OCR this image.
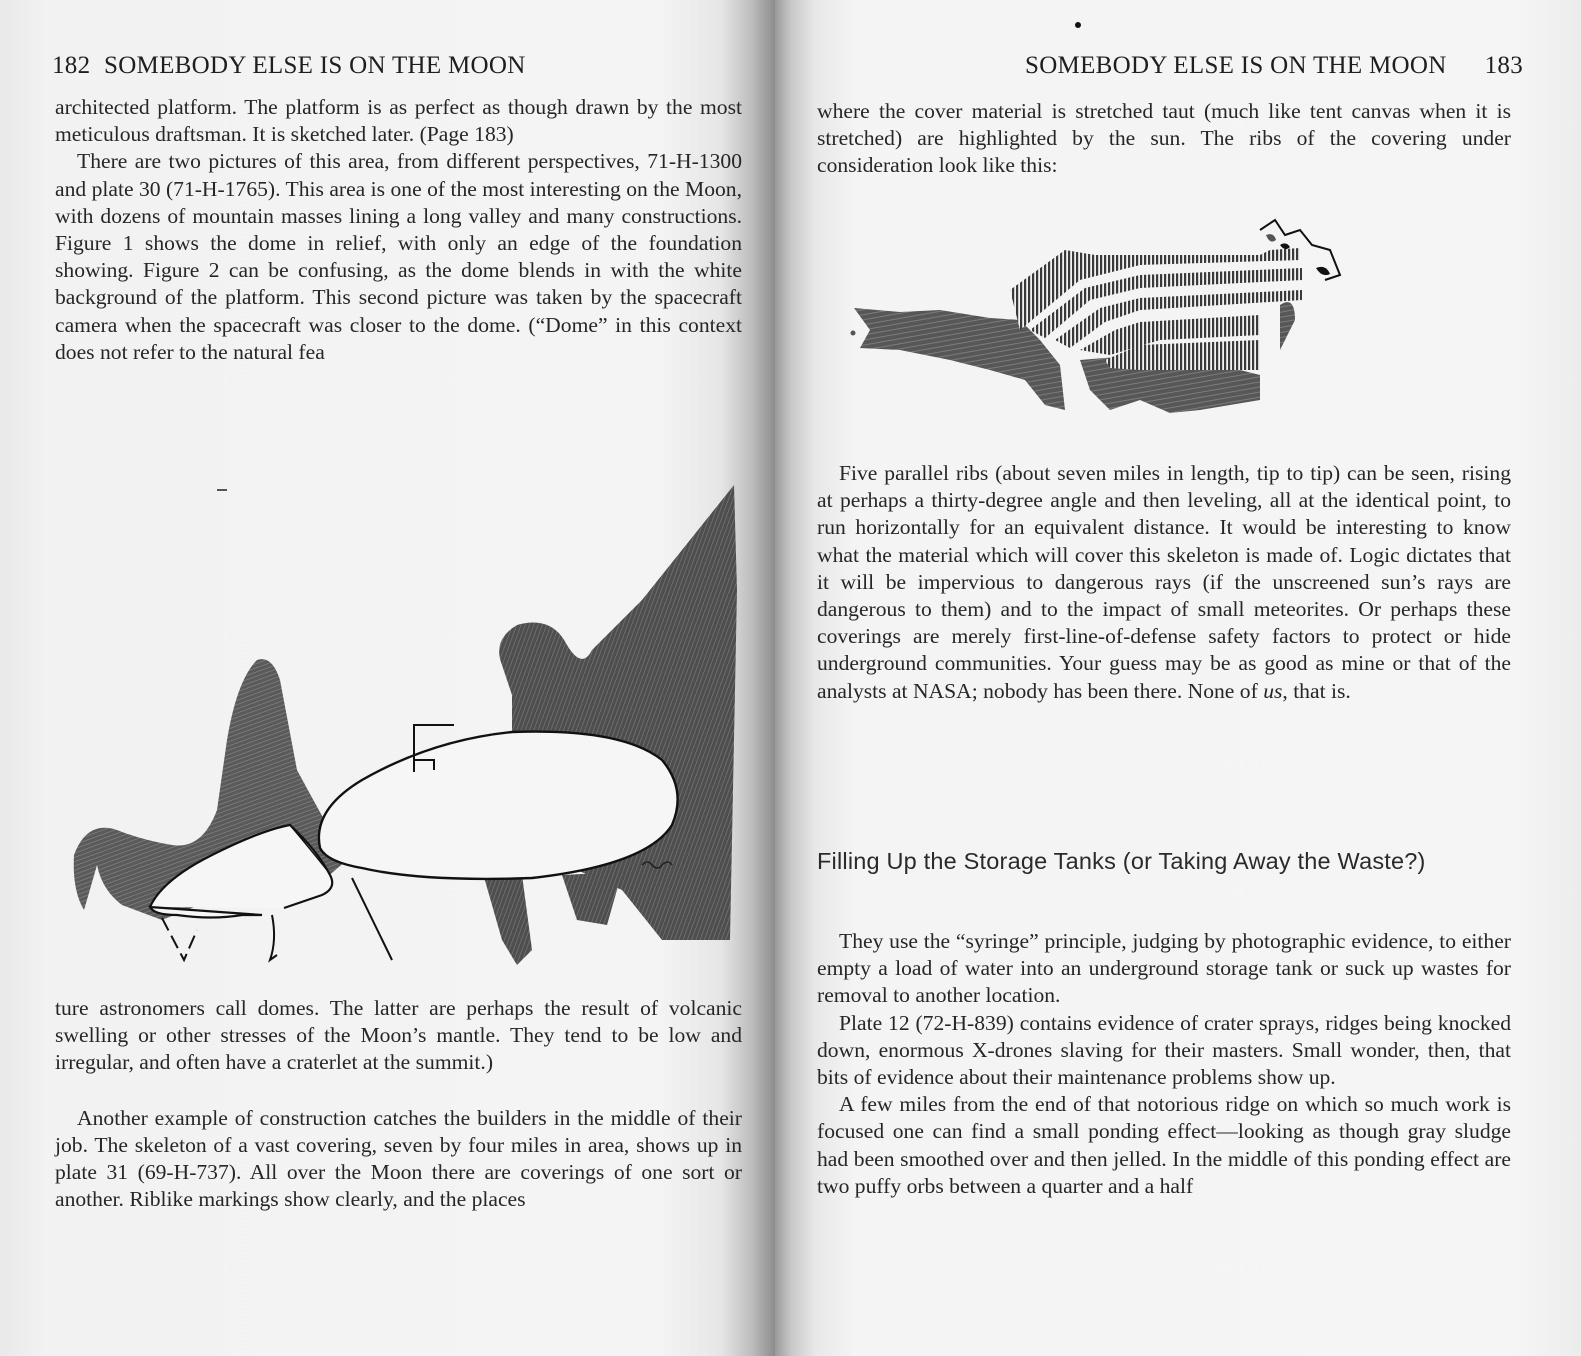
182 SOMEBODY ELSE IS ON THE MOON

architected platform. The platform is as perfect as though drawn by the most meticulous draftsman. It is sketched later. (Page 183)

There are two pictures of this area, from different perspectives, 71-H-1300 and plate 30 (71-H-1765). This area is one of the most interesting on the Moon, with dozens of mountain masses lining a long valley and many constructions. Figure 1 shows the dome in relief, with only an edge of the foundation showing. Figure 2 can be confusing, as the dome blends in with the white background of the platform. This second picture was taken by the spacecraft camera when the spacecraft was closer to the dome. (“Dome” in this context does not refer to the natural fea

ture astronomers call domes. The latter are perhaps the result of volcanic swelling or other stresses of the Moon’s mantle. They tend to be low and irregular, and often have a craterlet at the summit.)

Another example of construction catches the builders in the middle of their job. The skeleton of a vast covering, seven by four miles in area, shows up in plate 31 (69-H-737). All over the Moon there are coverings of one sort or another. Riblike markings show clearly, and the places

SOMEBODY ELSE IS ON THE MOON 183

where the cover material is stretched taut (much like tent canvas when it is stretched) are highlighted by the sun. The ribs of the covering under consideration look like this:

Five parallel ribs (about seven miles in length, tip to tip) can be seen, rising at perhaps a thirty-degree angle and then leveling, all at the identical point, to run horizontally for an equivalent distance. It would be interesting to know what the material which will cover this skeleton is made of. Logic dictates that it will be impervious to dangerous rays (if the unscreened sun’s rays are dangerous to them) and to the impact of small meteorites. Or perhaps these coverings are merely first-line-of-defense safety factors to protect or hide underground communities. Your guess may be as good as mine or that of the analysts at NASA; nobody has been there. None of us, that is.

Filling Up the Storage Tanks (or Taking Away the Waste?)

They use the “syringe” principle, judging by photographic evidence, to either empty a load of water into an underground storage tank or suck up wastes for removal to another location.

Plate 12 (72-H-839) contains evidence of crater sprays, ridges being knocked down, enormous X-drones slaving for their masters. Small wonder, then, that bits of evidence about their maintenance problems show up.

A few miles from the end of that notorious ridge on which so much work is focused one can find a small ponding effect—looking as though gray sludge had been smoothed over and then jelled. In the middle of this ponding effect are two puffy orbs between a quarter and a half
